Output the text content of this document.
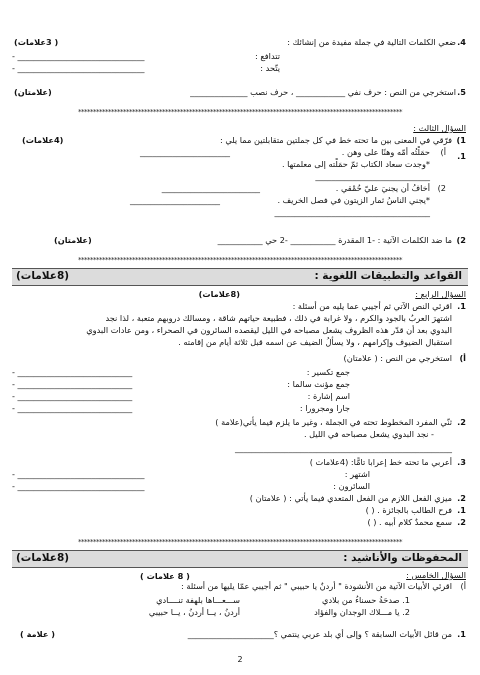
4.
ضعي الكلمات التالية في جملة مفيدة من إنشائك :
( 3علامات)
تتدافع :
يتّحد :
_______________________________ -
_______________________________ -
5.
استخرجي من النص : حرف نفي ____________ ، حرف نصب ______________
(علامتان)
************************************************************************************************************
السؤال الثالث :
1)
فرّقي في المعنى بين ما تحته خط في كل جملتين متقابلتين مما يلي :
(4علامات)
أ) 1.
حمَلْتُه أمّه وهنًا على وهن .
*وجدت سعاد الكتاب ثمّ حمَلْته إلى معلمتها .
______________________
____________________________
2)
أخافُ أن يجنيَ عليّ حُمْقي .
*يجني الناسُ ثمار الزيتون في فصل الخريف .
________________________
______________________
______________________________________
2)
ما ضد الكلمات الآتية : -1 المقدرة ___________ -2 حي ___________
(علامتان)
************************************************************************************************************
القواعد والتطبيقات اللغوية :
(8علامات)
السؤال الرابع :
(8علامات)
1.
اقرئي النص الآتي ثم أجيبي عما يليه من أسئلة :
اشتهرَ العربُ بالجود والكرم ، ولا غرابة في ذلك ، فطبيعة حياتهم شاقة ، ومسالك دروبهم متعبة ، لذا نجد
البدوي بعد أن قدّر هذه الظروف يشعل مصباحه في الليل ليقصده السائرون في الصحراء ، ومن عادات البدوي
استقبال الضيوف وإكرامهم ، ولا يسألُ الضيف عن اسمه قبل ثلاثة أيام من إقامته .
أ)
استخرجي من النص : ( علامتان)
جمع تكسير :
جمع مؤنث سالما :
اسم إشارة :
جارا ومجرورا :
____________________________ -
____________________________ -
____________________________ -
____________________________ -
2.
ثنّي المفرد المخطوط تحته في الجملة ، وغير ما يلزم فيما يأتي(علامة )
- نجد البدوي يشعل مصباحه في الليل .
_____________________________________________________
3.
أعربي ما تحته خط إعرابا تامًّا: (4علامات )
اشتهر :
السائرون :
_______________________________ -
_______________________________ -
2.
ميزي الفعل اللازم من الفعل المتعدي فيما يأتي : ( علامتان )
1.
فرح الطالب بالجائزة . ( )
2.
سمع محمدٌ كلام أبيه . ( )
************************************************************************************************************
المحفوظات والأناشيد :
(8علامات)
السؤال الخامس :
أ)
اقرئي الأبيات الآتية من الأنشودة " أردنٌ يا حبيبي " ثم أجيبي عمّا يليها من أسئلة :
( 8 علامات )
1. صدحَةُ حسناءُ من بلادي
ســـعـــاها بلهفة تنــــادي
2. يا مـــلاك الوجدان والفؤاد
أردنُ ، يــا أردنُ ، يــا حبيبي
1.
من قائل الأبيات السابقة ؟ وإلى أي بلد عربي ينتمي ؟_____________________
( علامة )
2
